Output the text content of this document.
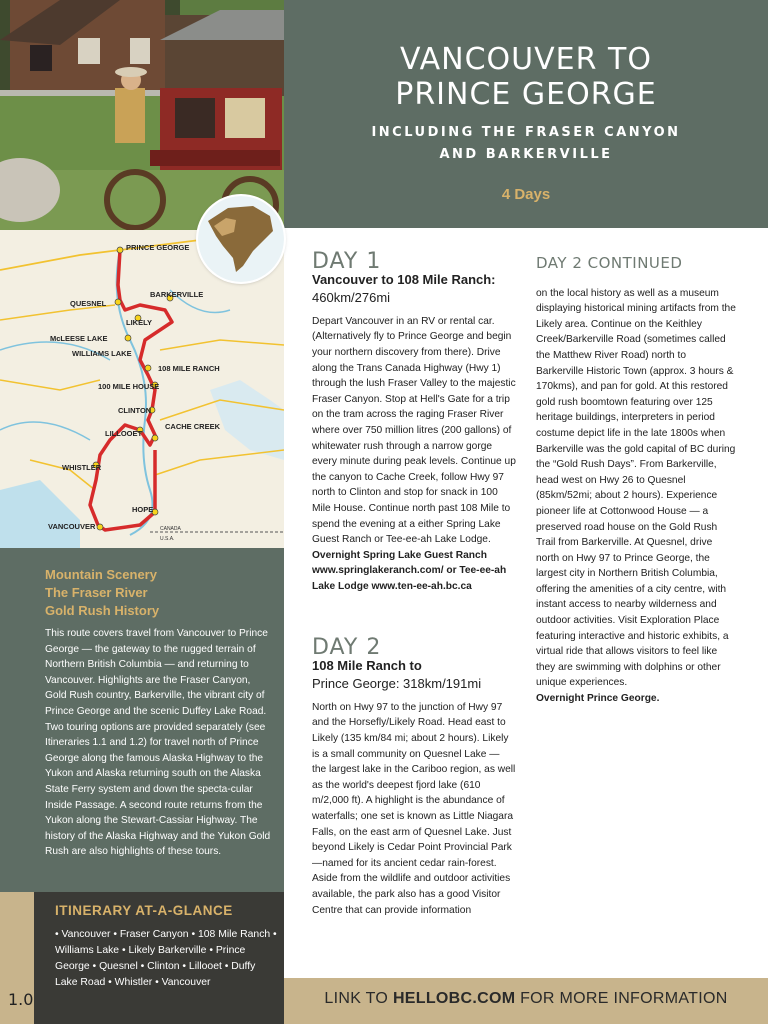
VANCOUVER TO
PRINCE GEORGE
INCLUDING THE FRASER CANYON
AND BARKERVILLE
4 Days
PRINCE GEORGE
QUESNEL
BARKERVILLE
LIKELY
McLEESE LAKE
WILLIAMS LAKE
108 MILE RANCH
100 MILE HOUSE
CLINTON
CACHE CREEK
LILLOOET
WHISTLER
HOPE
VANCOUVER	CANADA
U.S.A.
Mountain Scenery
The Fraser River
Gold Rush History
This route covers travel from Vancouver to Prince George — the gateway to the rugged terrain of Northern British Columbia — and returning to Vancouver. Highlights are the Fraser Canyon, Gold Rush country, Barkerville, the vibrant city of Prince George and the scenic Duffey Lake Road. Two touring options are provided separately (see Itineraries 1.1 and 1.2) for travel north of Prince George along the famous Alaska Highway to the Yukon and Alaska returning south on the Alaska State Ferry system and down the specta-cular Inside Passage. A second route returns from the Yukon along the Stewart-Cassiar Highway. The history of the Alaska Highway and the Yukon Gold Rush are also highlights of these tours.
ITINERARY AT-A-GLANCE
• Vancouver • Fraser Canyon • 108 Mile Ranch • Williams Lake • Likely Barkerville • Prince George • Quesnel • Clinton • Lillooet • Duffy Lake Road • Whistler • Vancouver
1.0
DAY 1
Vancouver to 108 Mile Ranch:
460km/276mi

Depart Vancouver in an RV or rental car. (Alternatively fly to Prince George and begin your northern discovery from there). Drive along the Trans Canada Highway (Hwy 1) through the lush Fraser Valley to the majestic Fraser Canyon. Stop at Hell's Gate for a trip on the tram across the raging Fraser River where over 750 million litres (200 gallons) of whitewater rush through a narrow gorge every minute during peak levels. Continue up the canyon to Cache Creek, follow Hwy 97 north to Clinton and stop for snack in 100 Mile House. Continue north past 108 Mile to spend the evening at a either Spring Lake Guest Ranch or Tee-ee-ah Lake Lodge.

Overnight Spring Lake Guest Ranch www.springlakeranch.com/ or Tee-ee-ah Lake Lodge www.ten-ee-ah.bc.ca

DAY 2
108 Mile Ranch to
Prince George: 318km/191mi

North on Hwy 97 to the junction of Hwy 97 and the Horsefly/Likely Road. Head east to Likely (135 km/84 mi; about 2 hours). Likely is a small community on Quesnel Lake — the largest lake in the Cariboo region, as well as the world's deepest fjord lake (610 m/2,000 ft). A highlight is the abundance of waterfalls; one set is known as Little Niagara Falls, on the east arm of Quesnel Lake. Just beyond Likely is Cedar Point Provincial Park —named for its ancient cedar rain-forest. Aside from the wildlife and outdoor activities available, the park also has a good Visitor Centre that can provide information

DAY 2 CONTINUED

on the local history as well as a museum displaying historical mining artifacts from the Likely area. Continue on the Keithley Creek/Barkerville Road (sometimes called the Matthew River Road) north to Barkerville Historic Town (approx. 3 hours & 170kms), and pan for gold. At this restored gold rush boomtown featuring over 125 heritage buildings, interpreters in period costume depict life in the late 1800s when Barkerville was the gold capital of BC during the “Gold Rush Days”. From Barkerville, head west on Hwy 26 to Quesnel (85km/52mi; about 2 hours). Experience pioneer life at Cottonwood House — a preserved road house on the Gold Rush Trail from Barkerville. At Quesnel, drive north on Hwy 97 to Prince George, the largest city in Northern British Columbia, offering the amenities of a city centre, with instant access to nearby wilderness and outdoor activities. Visit Exploration Place featuring interactive and historic exhibits, a virtual ride that allows visitors to feel like they are swimming with dolphins or other unique experiences.

Overnight Prince George.

LINK TO HELLOBC.COM FOR MORE INFORMATION
